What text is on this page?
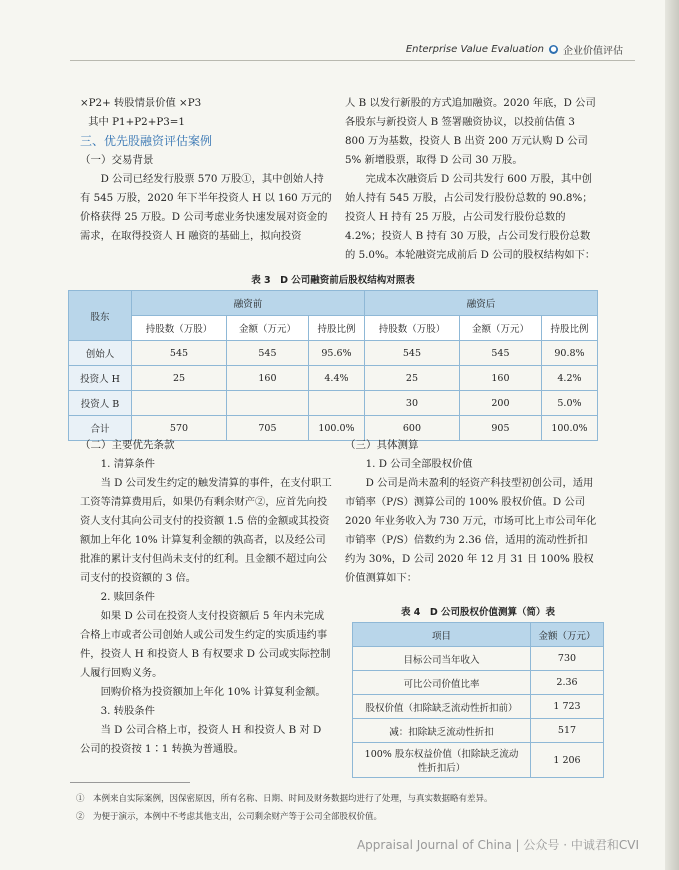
Enterprise Value Evaluation ● 企业价值评估

×P2+ 转股情景价值 ×P3

其中 P1+P2+P3=1

三、优先股融资评估案例

（一）交易背景

D 公司已经发行股票 570 万股①，其中创始人持有 545 万股，2020 年下半年投资人 H 以 160 万元的价格获得 25 万股。D 公司考虑业务快速发展对资金的需求，在取得投资人 H 融资的基础上，拟向投资

人 B 以发行新股的方式追加融资。2020 年底，D 公司各股东与新投资人 B 签署融资协议，以投前估值 3 800 万为基数，投资人 B 出资 200 万元认购 D 公司 5% 新增股票，取得 D 公司 30 万股。

完成本次融资后 D 公司共发行 600 万股，其中创始人持有 545 万股，占公司发行股份总数的 90.8%；投资人 H 持有 25 万股，占公司发行股份总数的 4.2%；投资人 B 持有 30 万股，占公司发行股份总数的 5.0%。本轮融资完成前后 D 公司的股权结构如下：

表 3　D 公司融资前后股权结构对照表
股东	融资前			融资后		
	持股数（万股）	金额（万元）	持股比例	持股数（万股）	金额（万元）	持股比例
创始人	545	545	95.6%	545	545	90.8%
投资人 H	25	160	4.4%	25	160	4.2%
投资人 B				30	200	5.0%
合计	570	705	100.0%	600	905	100.0%

（二）主要优先条款

1. 清算条件

当 D 公司发生约定的触发清算的事件，在支付职工工资等清算费用后，如果仍有剩余财产②，应首先向投资人支付其向公司支付的投资额 1.5 倍的金额或其投资额加上年化 10% 计算复利金额的孰高者，以及经公司批准的累计支付但尚未支付的红利。且金额不超过向公司支付的投资额的 3 倍。

2. 赎回条件

如果 D 公司在投资人支付投资额后 5 年内未完成合格上市或者公司创始人或公司发生约定的实质违约事件，投资人 H 和投资人 B 有权要求 D 公司或实际控制人履行回购义务。

回购价格为投资额加上年化 10% 计算复利金额。

3. 转股条件

当 D 公司合格上市，投资人 H 和投资人 B 对 D 公司的投资按 1∶1 转换为普通股。

（三）具体测算

1. D 公司全部股权价值

D 公司是尚未盈利的轻资产科技型初创公司，适用市销率（P/S）测算公司的 100% 股权价值。D 公司 2020 年业务收入为 730 万元，市场可比上市公司年化市销率（P/S）倍数约为 2.36 倍，适用的流动性折扣约为 30%，D 公司 2020 年 12 月 31 日 100% 股权价值测算如下：

表 4　D 公司股权价值测算（简）表
项目	金额（万元）
目标公司当年收入	730
可比公司价值比率	2.36
股权价值（扣除缺乏流动性折扣前）	1 723
减：扣除缺乏流动性折扣	517
100% 股东权益价值（扣除缺乏流动性折扣后）	1 206
①　本例来自实际案例，因保密原因，所有名称、日期、时间及财务数据均进行了处理，与真实数据略有差异。
②　为便于演示，本例中不考虑其他支出，公司剩余财产等于公司全部股权价值。
Appraisal Journal of China | 公众号 · 中诚君和CVI
